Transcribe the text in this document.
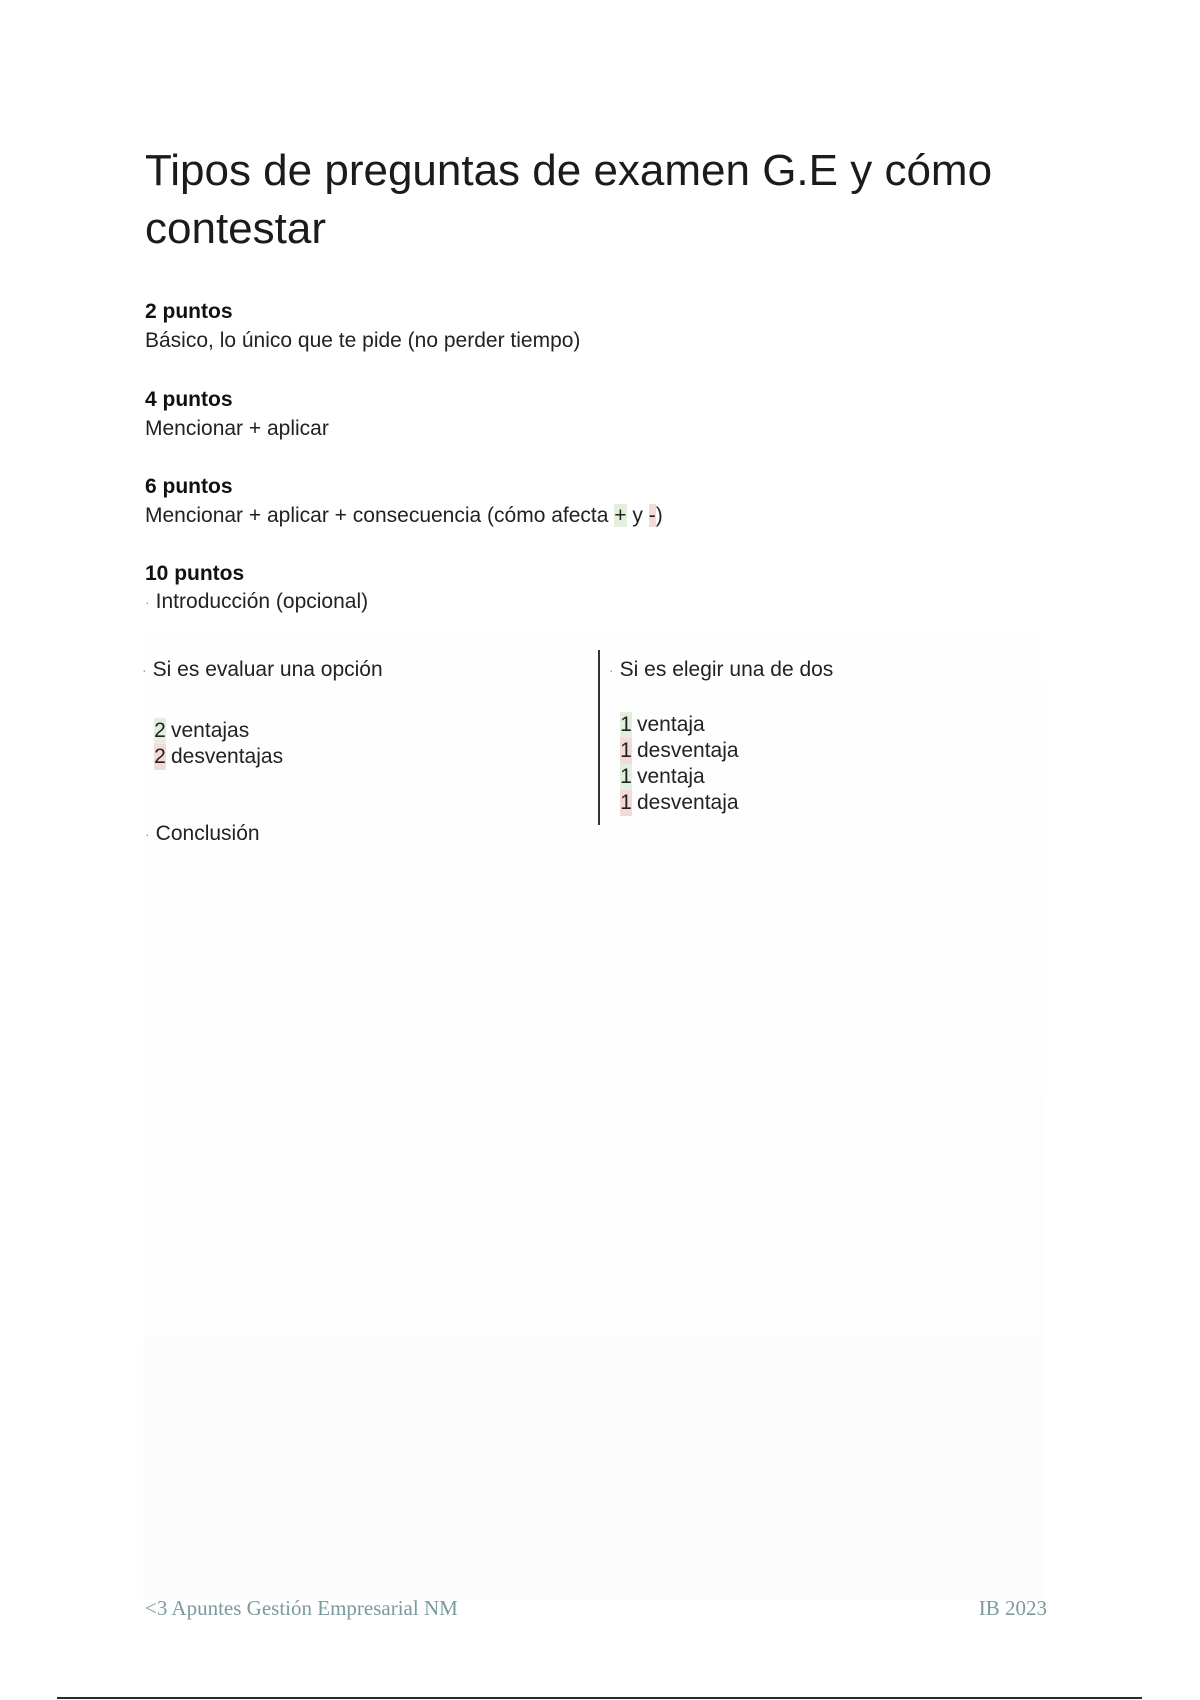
Tipos de preguntas de examen G.E y cómo contestar
2 puntos
Básico, lo único que te pide (no perder tiempo)
4 puntos
Mencionar + aplicar
6 puntos
Mencionar + aplicar + consecuencia (cómo afecta + y -)
10 puntos
· Introducción (opcional)
· Si es evaluar una opción
2 ventajas
2 desventajas
· Si es elegir una de dos
1 ventaja
1 desventaja
1 ventaja
1 desventaja
· Conclusión
<3 Apuntes Gestión Empresarial NM	IB 2023
